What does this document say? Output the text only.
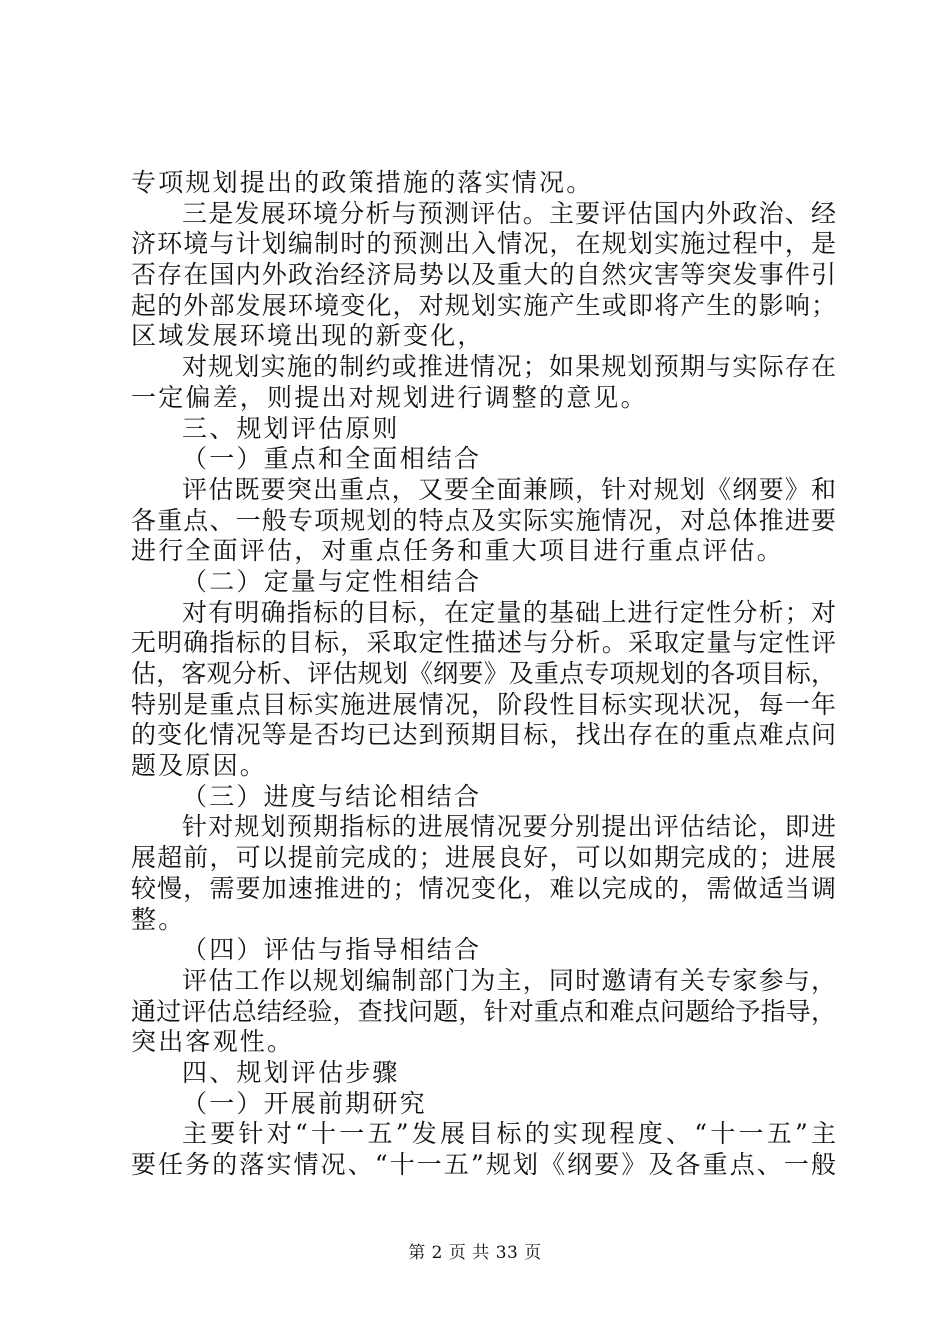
专项规划提出的政策措施的落实情况。
三是发展环境分析与预测评估。主要评估国内外政治、经
济环境与计划编制时的预测出入情况，在规划实施过程中，是
否存在国内外政治经济局势以及重大的自然灾害等突发事件引
起的外部发展环境变化，对规划实施产生或即将产生的影响；
区域发展环境出现的新变化，
对规划实施的制约或推进情况；如果规划预期与实际存在
一定偏差，则提出对规划进行调整的意见。
三、规划评估原则
（一）重点和全面相结合
评估既要突出重点，又要全面兼顾，针对规划《纲要》和
各重点、一般专项规划的特点及实际实施情况，对总体推进要
进行全面评估，对重点任务和重大项目进行重点评估。
（二）定量与定性相结合
对有明确指标的目标，在定量的基础上进行定性分析；对
无明确指标的目标，采取定性描述与分析。采取定量与定性评
估，客观分析、评估规划《纲要》及重点专项规划的各项目标，
特别是重点目标实施进展情况，阶段性目标实现状况，每一年
的变化情况等是否均已达到预期目标，找出存在的重点难点问
题及原因。
（三）进度与结论相结合
针对规划预期指标的进展情况要分别提出评估结论，即进
展超前，可以提前完成的；进展良好，可以如期完成的；进展
较慢，需要加速推进的；情况变化，难以完成的，需做适当调
整。
（四）评估与指导相结合
评估工作以规划编制部门为主，同时邀请有关专家参与，
通过评估总结经验，查找问题，针对重点和难点问题给予指导，
突出客观性。
四、规划评估步骤
（一）开展前期研究
主要针对“十一五”发展目标的实现程度、“十一五”主
要任务的落实情况、“十一五”规划《纲要》及各重点、一般
第 2 页 共 33 页
